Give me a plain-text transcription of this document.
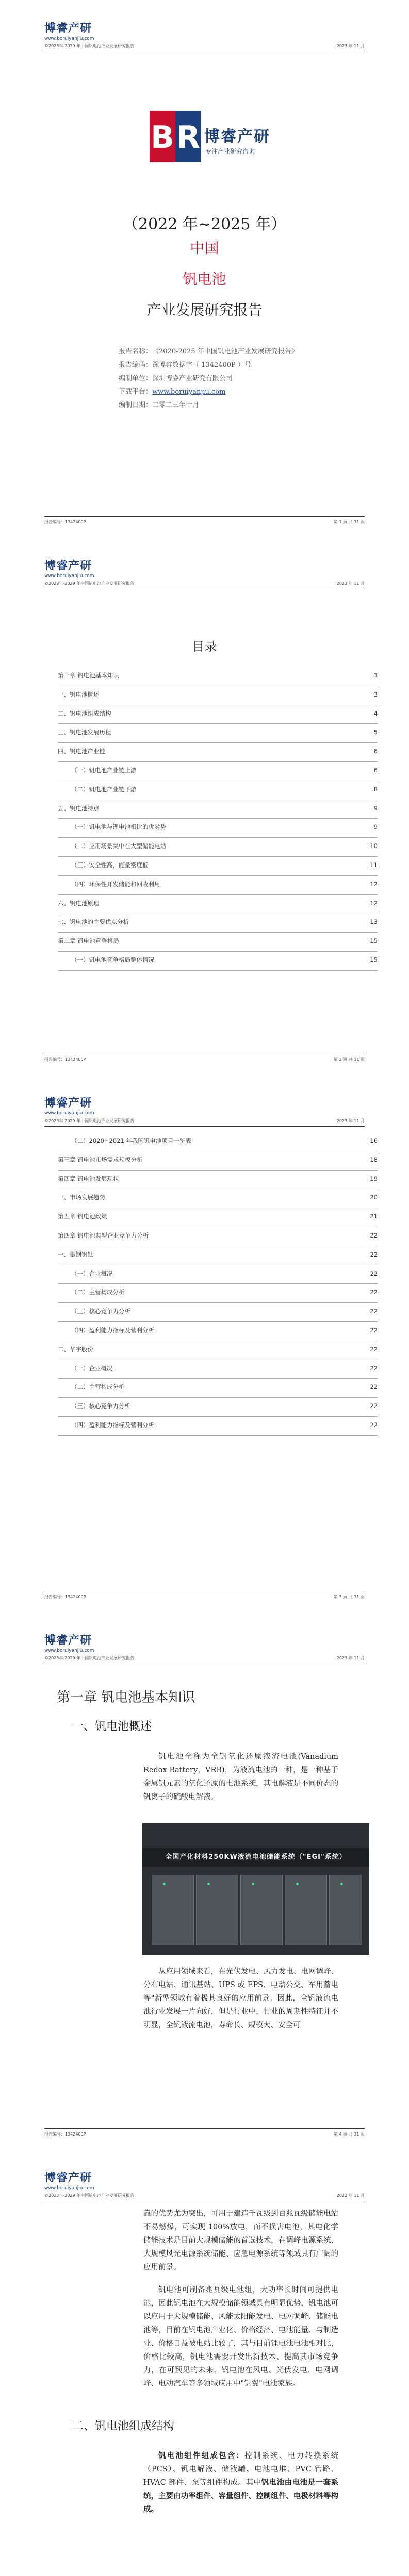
博睿产研
www.boruiyanjiu.com
©2023年-2029 年中国钒电池产业发展研究报告	2023 年 11 月
B R 博睿产研
专注产业研究咨询
（2022 年~2025 年）
中国
钒电池
产业发展研究报告
报告名称：《2020-2025 年中国钒电池产业发展研究报告》
报告编码：深博睿数据字（ 1342400P ）号
编制单位：深圳博睿产业研究有限公司
下载平台：www.boruiyanjiu.com
编制日期：二零二三年十月
报告编号：1342400P	第 1 页 共 31 页
博睿产研
www.boruiyanjiu.com
©2023年-2029 年中国钒电池产业发展研究报告	2023 年 11 月
目录
第一章 钒电池基本知识	3
一、钒电池概述	3
二、钒电池组成结构	4
三、钒电池发展历程	5
四、钒电池产业链	6
（一）钒电池产业链上游	6
（二）钒电池产业链下游	8
五、钒电池特点	9
（一）钒电池与锂电池相比的优劣势	9
（二）应用场景集中在大型储能电站	10
（三）安全性高，能量密度低	11
（四）环保性开发储能和回收利用	12
六、钒电池原理	12
七、钒电池的主要优点分析	13
第二章 钒电池竞争格局	15
（一）钒电池竞争格局整体情况	15
报告编号：1342400P	第 2 页 共 31 页
博睿产研
www.boruiyanjiu.com
©2023年-2029 年中国钒电池产业发展研究报告	2023 年 11 月
（二）2020~2021 年我国钒电池项目一览表	16
第三章 钒电池市场需求规模分析	18
第四章 钒电池发展现状	19
一、市场发展趋势	20
第五章 钒电池政策	21
第四章 钒电池典型企业竞争力分析	22
一、攀钢钒钛	22
（一）企业概况	22
（二）主营构成分析	22
（三）核心竞争力分析	22
（四）盈利能力指标及营利分析	22
二、华宇股份	22
（一）企业概况	22
（二）主营构成分析	22
（三）核心竞争力分析	22
（四）盈利能力指标及营利分析	22
报告编号：1342400P	第 3 页 共 31 页
博睿产研
www.boruiyanjiu.com
©2023年-2029 年中国钒电池产业发展研究报告	2023 年 11 月
第一章 钒电池基本知识
一、钒电池概述
钒电池全称为全钒氧化还原液流电池(Vanadium Redox Battery，VRB)，为液流电池的一种，是一种基于金属钒元素的氧化还原的电池系统，其电解液是不同价态的钒离子的硫酸电解液。
全国产化材料250KW液流电池储能系统（"EGI"系统）
从应用领域来看，在光伏发电、风力发电、电网调峰、分布电站、通讯基站、UPS 或 EPS、电动公交、军用蓄电等"新型领域有着极其良好的应用前景。因此，全钒液流电池行业发展一片向好，但是行业中，行业的周期性特征并不明显，全钒液流电池，寿命长、规模大、安全可
报告编号：1342400P	第 4 页 共 31 页
博睿产研
www.boruiyanjiu.com
©2023年-2029 年中国钒电池产业发展研究报告	2023 年 11 月
靠的优势尤为突出，可用于建造千瓦级到百兆瓦级储能电站不易燃爆，可实现 100%放电，而不损害电池，其电化学储能技术是目前大规模储能的首选技术，在调峰电源系统、大规模风光电源系统储能、应急电源系统等领域具有广阔的应用前景。
钒电池可制备兆瓦级电池组，大功率长时间可提供电能，因此钒电池在大规模储能领域具有明显优势，钒电池可以应用于大规模储能、风能太阳能发电、电网调峰、储能电池等，目前在钒电池产业化、价格经济、电池能量、与制造业、价格日益被电站比较了，其与目前锂电池电池相对比，价格比较高，钒电池需要开发出新技术、提高其市场竞争力，在可预见的未来，钒电池在风电、光伏发电、电网调峰、电动汽车等多领域应用中"钒翼"电池家族。
二、钒电池组成结构
钒电池组件组成包含：控制系统、电力转换系统（PCS）、钒电解液、储液罐、电池电堆、PVC 管路、HVAC 部件、泵等组件构成。其中钒电池由电池是一套系统，主要由功率组件、容量组件、控制组件、电极材料等构成。
